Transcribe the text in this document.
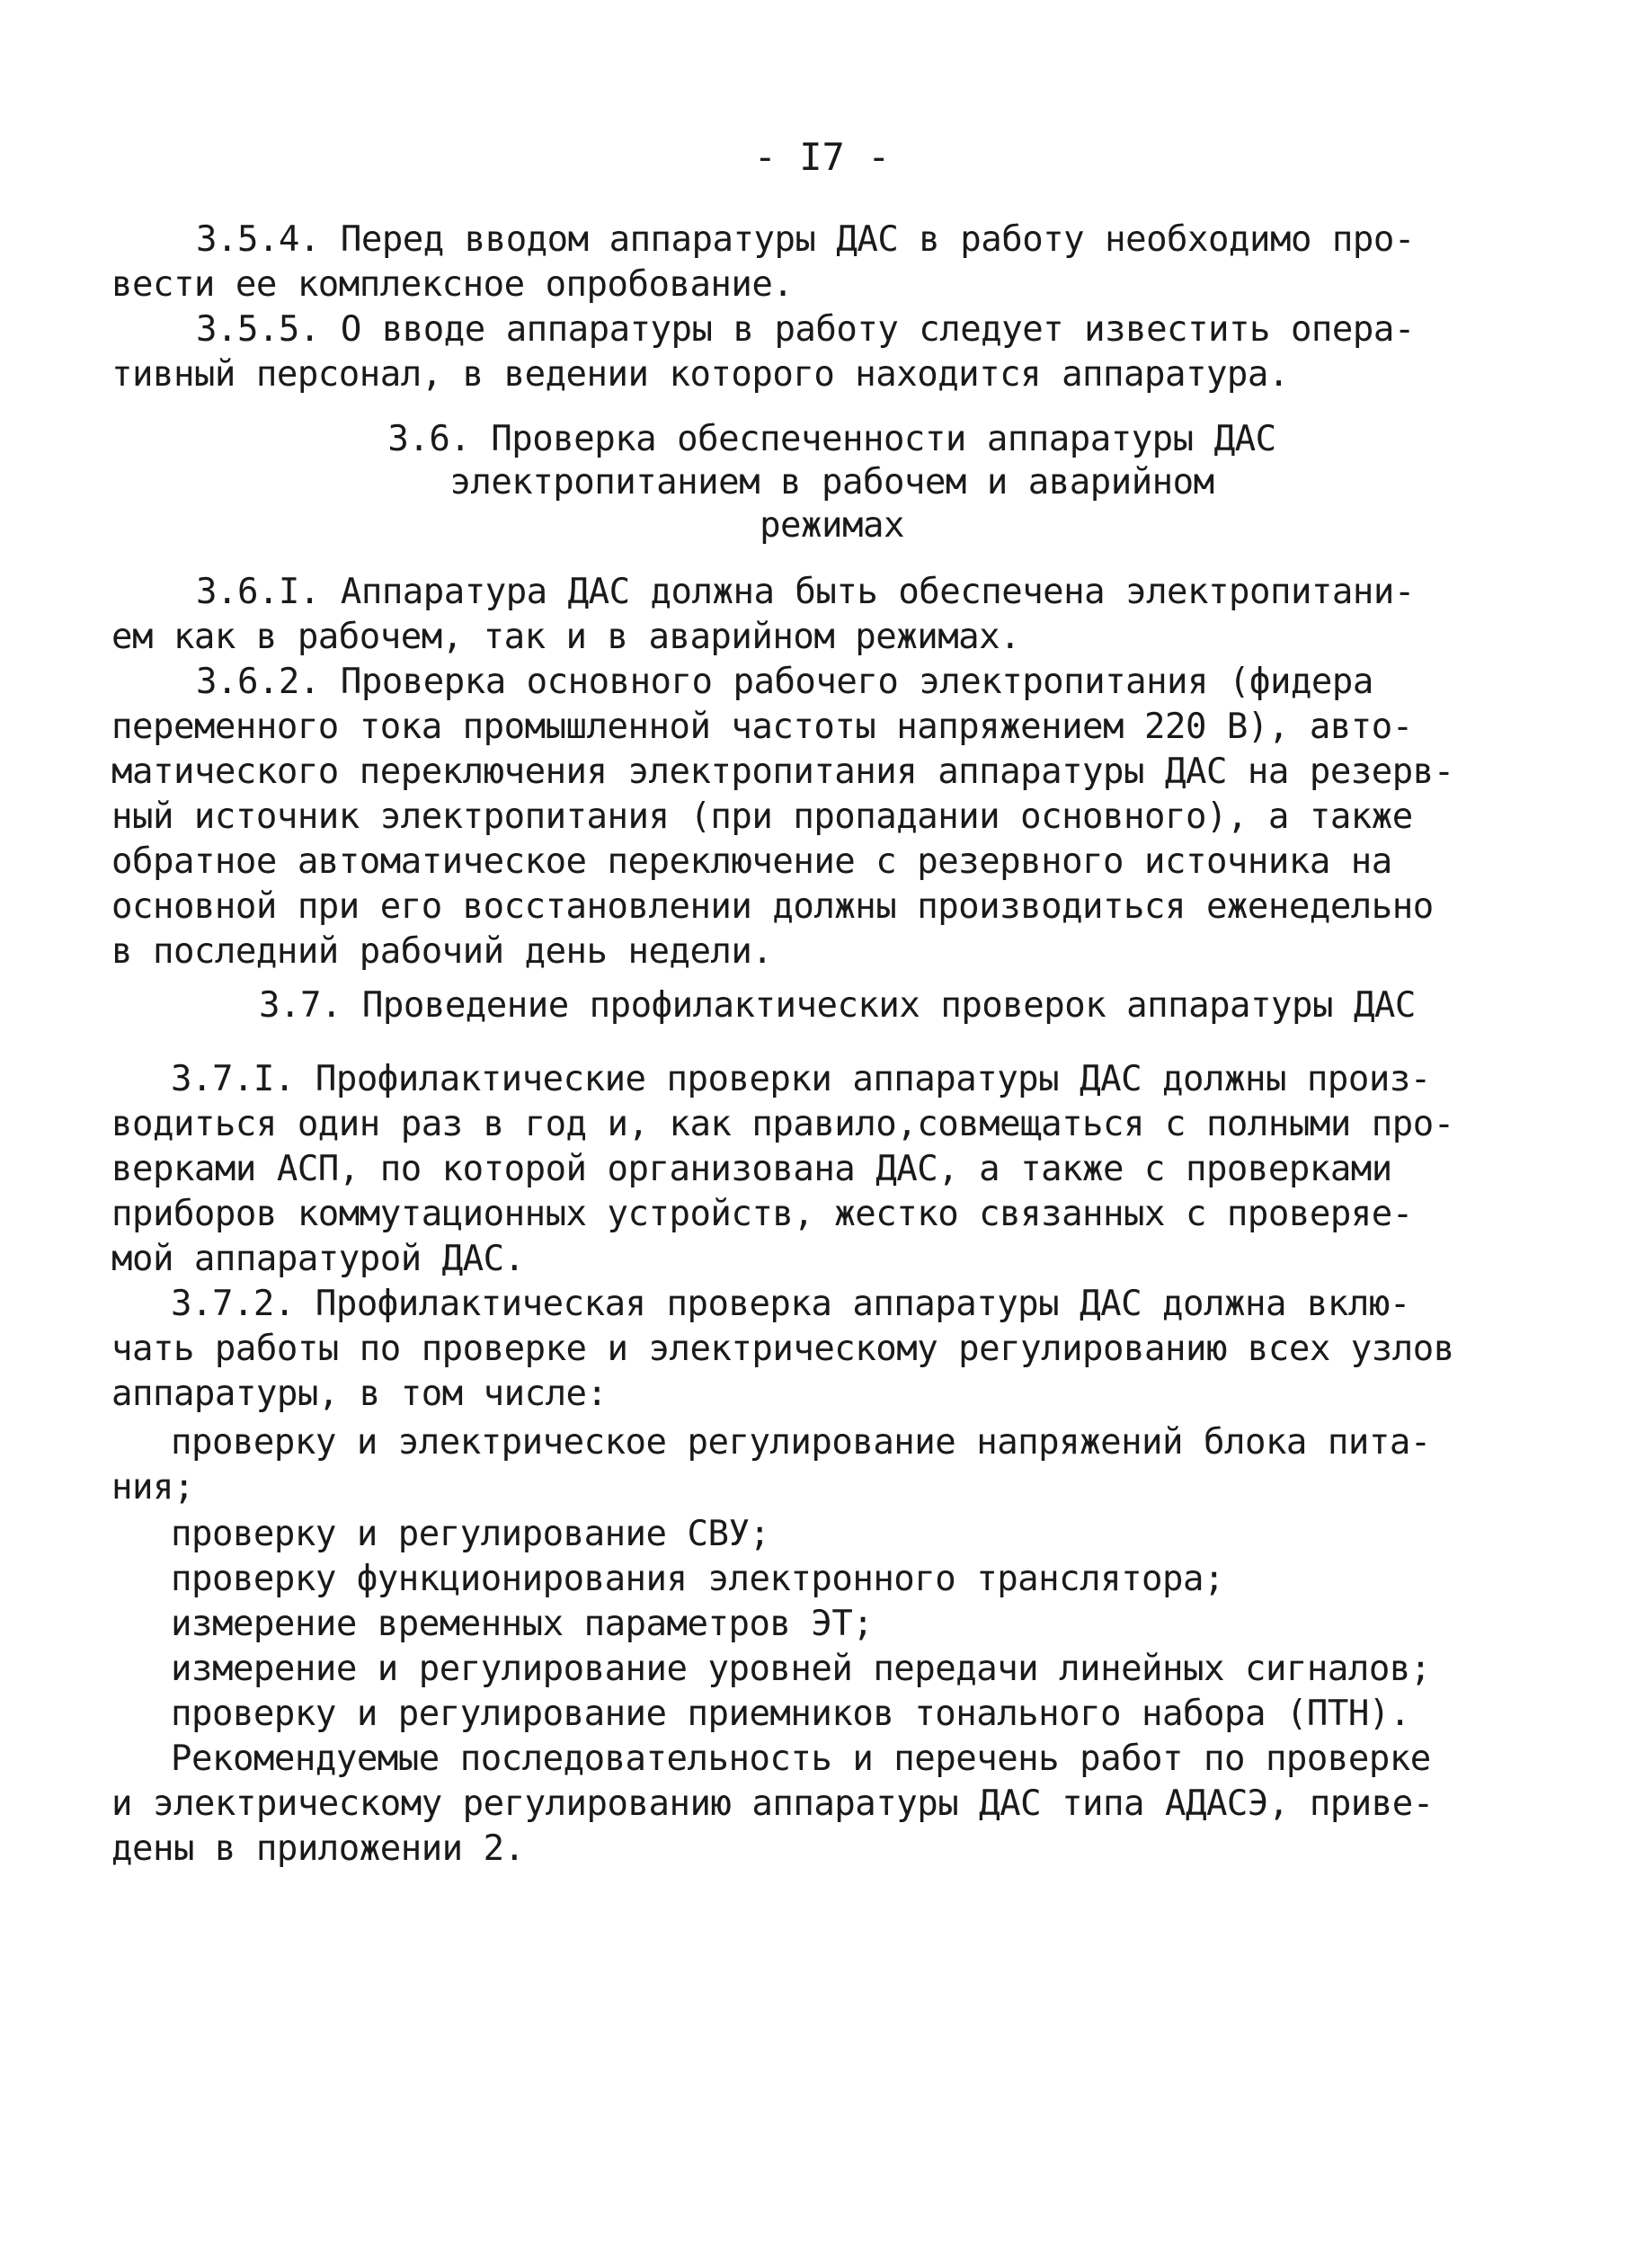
- I7 -
3.5.4. Перед вводом аппаратуры ДАС в работу необходимо про-
вести ее комплексное опробование.
3.5.5. О вводе аппаратуры в работу следует известить опера-
тивный персонал, в ведении которого находится аппаратура.
3.6. Проверка обеспеченности аппаратуры ДАС
электропитанием в рабочем и аварийном
режимах
3.6.I. Аппаратура ДАС должна быть обеспечена электропитани-
ем как в рабочем, так и в аварийном режимах.
3.6.2. Проверка основного рабочего электропитания (фидера
переменного тока промышленной частоты напряжением 220 В), авто-
матического переключения электропитания аппаратуры ДАС на резерв-
ный источник электропитания (при пропадании основного), а также
обратное автоматическое переключение с резервного источника на
основной при его восстановлении должны производиться еженедельно
в последний рабочий день недели.
3.7. Проведение профилактических проверок аппаратуры ДАС
3.7.I. Профилактические проверки аппаратуры ДАС должны произ-
водиться один раз в год и, как правило,совмещаться с полными про-
верками АСП, по которой организована ДАС, а также с проверками
приборов коммутационных устройств, жестко связанных с проверяе-
мой аппаратурой ДАС.
3.7.2. Профилактическая проверка аппаратуры ДАС должна вклю-
чать работы по проверке и электрическому регулированию всех узлов
аппаратуры, в том числе:
проверку и электрическое регулирование напряжений блока пита-
ния;
проверку и регулирование СВУ;
проверку функционирования электронного транслятора;
измерение временных параметров ЭТ;
измерение и регулирование уровней передачи линейных сигналов;
проверку и регулирование приемников тонального набора (ПТН).
Рекомендуемые последовательность и перечень работ по проверке
и электрическому регулированию аппаратуры ДАС типа АДАСЭ, приве-
дены в приложении 2.
